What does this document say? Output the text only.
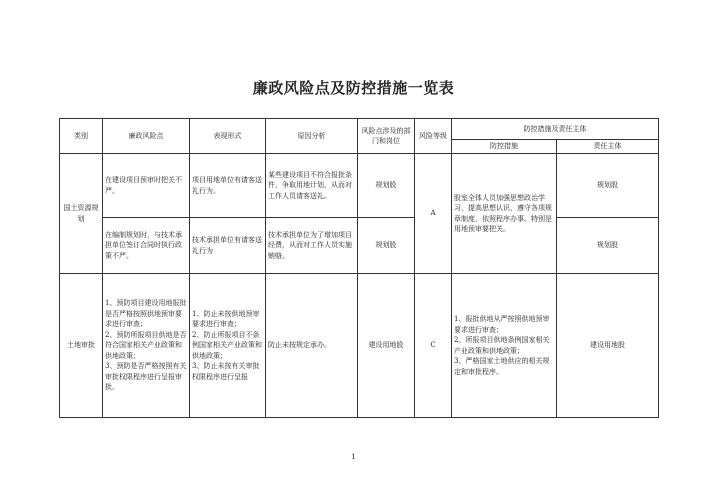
廉政风险点及防控措施一览表
类别	廉政风险点	表现形式	原因分析	风险点涉及的部门和岗位	风险等级	防控措施及责任主体	
						防控措施	责任主体
国土资源规划	在建设项目预审时把关不严。	项目用地单位有请客送礼行为。	某些建设项目不符合报批条件，争取用地计划，从而对工作人员请客送礼。	规划股	A	股室全体人员加强思想政治学习，提高思想认识，遵守各项规章制度，依照程序办事。特别是用地预审要把关。	规划股
	在编制规划时，与技术承担单位签订合同时执行政策不严。	技术承担单位有请客送礼行为	技术承担单位为了增加项目经费，从而对工作人员实施贿赂。	规划股			规划股
土地审批	1、预防项目建设用地报批是否严格按照供地预审要求进行审查；
2、预防所报项目供地是否符合国家相关产业政策和供地政策；
3、预防是否严格按照有关审批权限程序进行呈报审批。	1、防止未按供地预审要求进行审查；
2、防止所报项目不条例国家相关产业政策和供地政策；
3、防止未按有关审批权限程序进行呈报	防止未按规定承办。	建设用地股	C	1、报批供地从严按照供地预审要求进行审查；
2、所报项目供地条例国家相关产业政策和供地政策；
3、严格国家土地供应的相关规定和审批程序。	建设用地股
1
